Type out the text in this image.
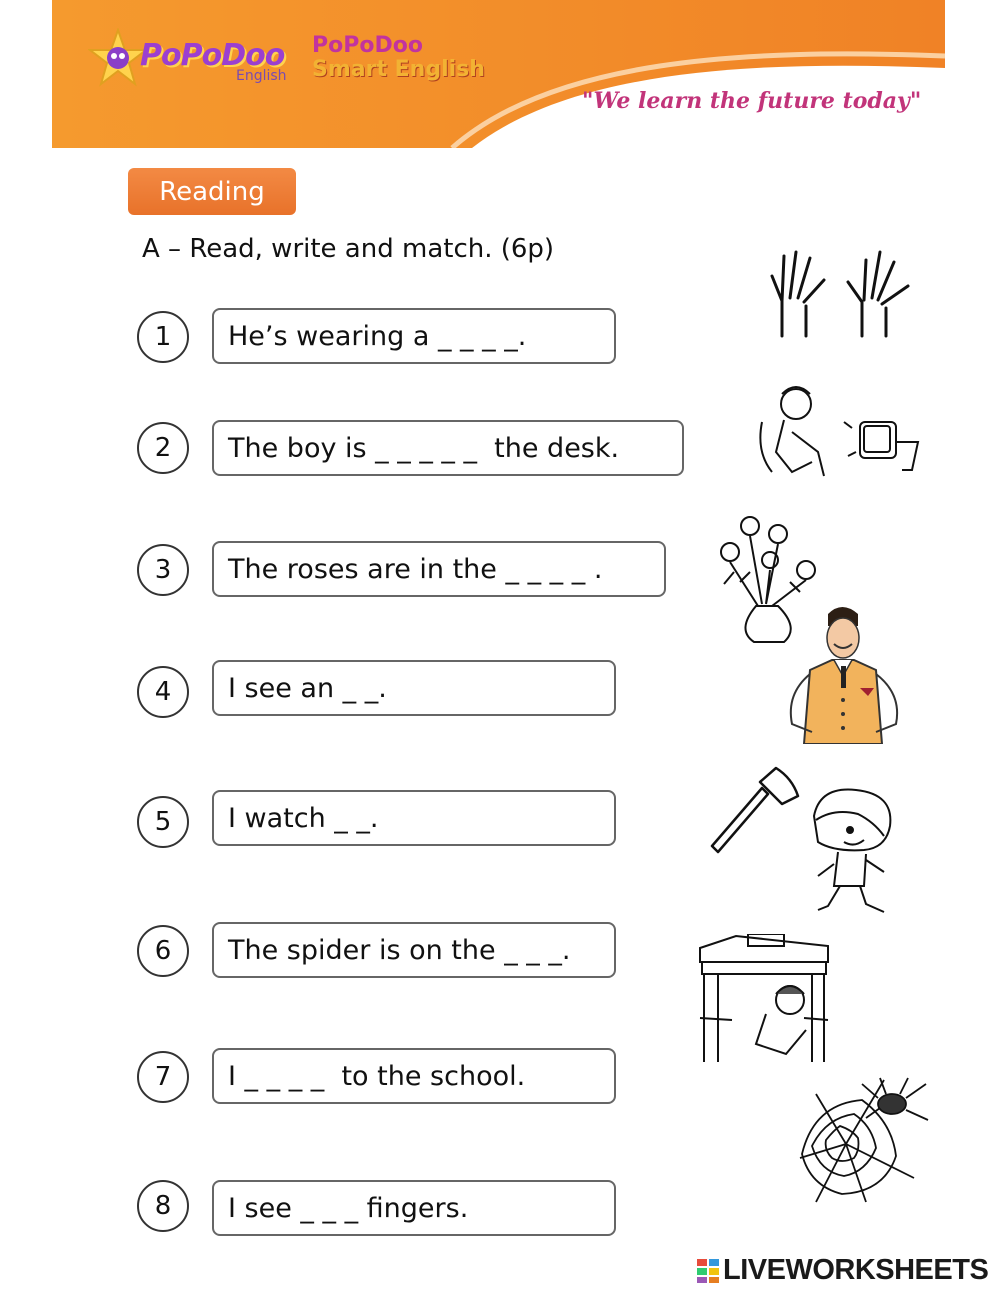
PoPoDoo
English
PoPoDoo
Smart English
"We learn the future today"
Reading
A – Read, write and match. (6p)
1	He’s wearing a _ _ _ _.
2	The boy is _ _ _ _ _  the desk.
3	The roses are in the _ _ _ _ .
4	I see an _ _.
5	I watch _ _.
6	The spider is on the _ _ _.
7	I _ _ _ _  to the school.
8	I see _ _ _ fingers.
LIVEWORKSHEETS
